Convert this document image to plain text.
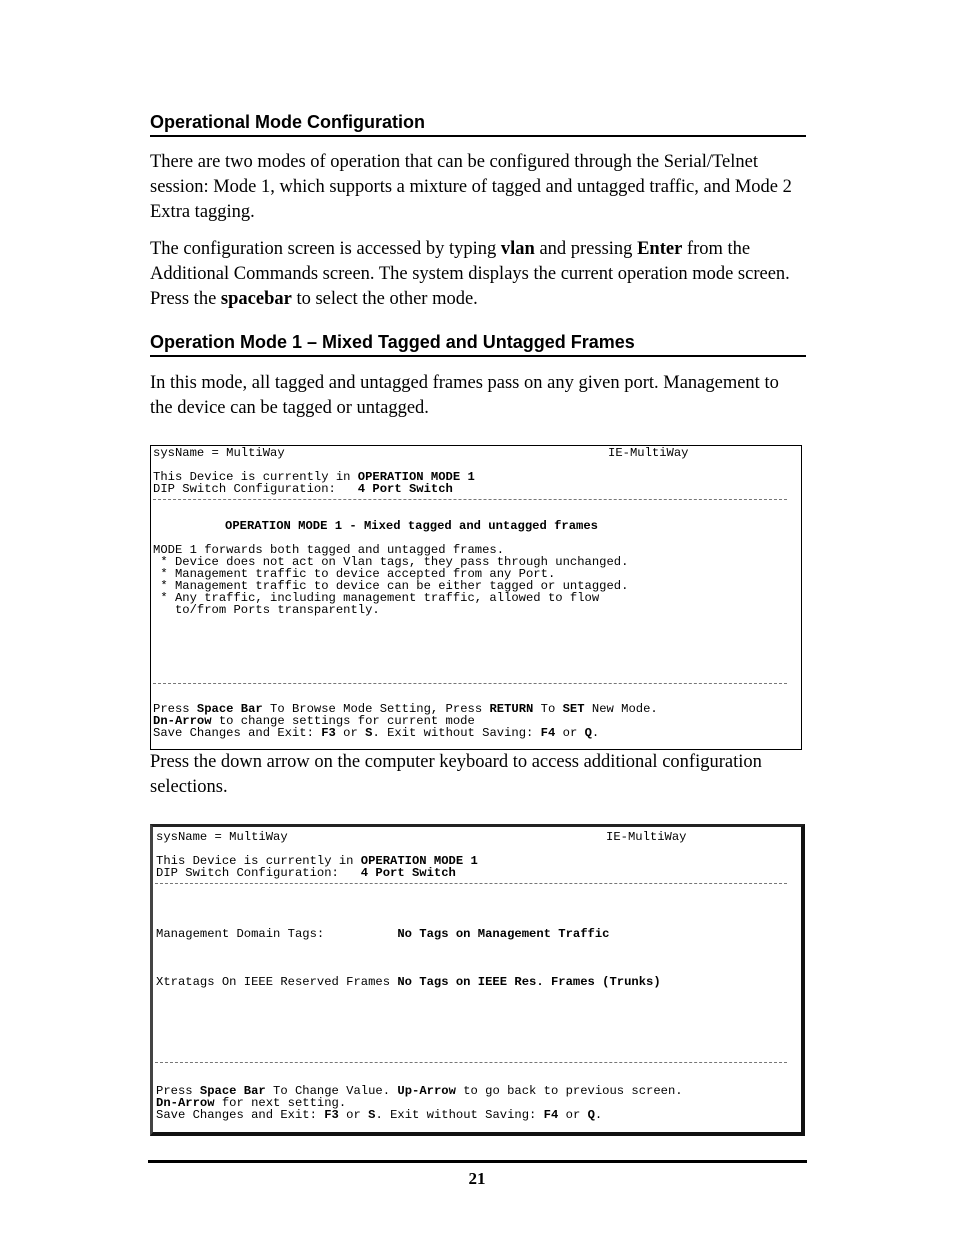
Operational Mode Configuration

There are two modes of operation that can be configured through the Serial/Telnet session: Mode 1, which supports a mixture of tagged and untagged traffic, and Mode 2 Extra tagging.

The configuration screen is accessed by typing vlan and pressing Enter from the Additional Commands screen. The system displays the current operation mode screen. Press the spacebar to select the other mode.

Operation Mode 1 – Mixed Tagged and Untagged Frames

In this mode, all tagged and untagged frames pass on any given port. Management to the device can be tagged or untagged.

sysName = MultiWay	IE-MultiWay
This Device is currently in OPERATION MODE 1
DIP Switch Configuration:   4 Port Switch
OPERATION MODE 1 - Mixed tagged and untagged frames
MODE 1 forwards both tagged and untagged frames.
* Device does not act on Vlan tags, they pass through unchanged.
* Management traffic to device accepted from any Port.
* Management traffic to device can be either tagged or untagged.
* Any traffic, including management traffic, allowed to flow
to/from Ports transparently.
Press Space Bar To Browse Mode Setting, Press RETURN To SET New Mode.
Dn-Arrow to change settings for current mode
Save Changes and Exit: F3 or S. Exit without Saving: F4 or Q.

Press the down arrow on the computer keyboard to access additional configuration selections.

sysName = MultiWay	IE-MultiWay
This Device is currently in OPERATION MODE 1
DIP Switch Configuration:   4 Port Switch
Management Domain Tags:          No Tags on Management Traffic
Xtratags On IEEE Reserved Frames No Tags on IEEE Res. Frames (Trunks)
Press Space Bar To Change Value. Up-Arrow to go back to previous screen.
Dn-Arrow for next setting.
Save Changes and Exit: F3 or S. Exit without Saving: F4 or Q.
21
